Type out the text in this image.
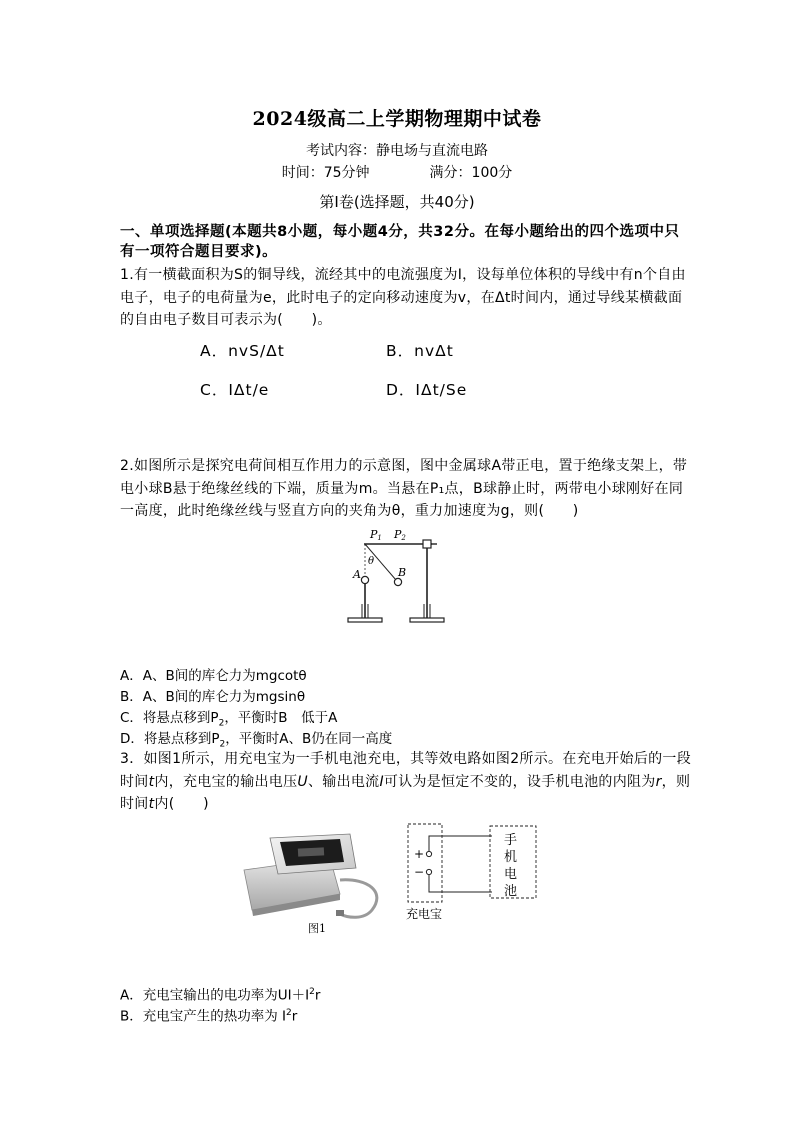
2024级高二上学期物理期中试卷
考试内容：静电场与直流电路
时间：75分钟	满分：100分
第Ⅰ卷(选择题，共40分)
一、单项选择题(本题共8小题，每小题4分，共32分。在每小题给出的四个选项中只有一项符合题目要求)。
1.有一横截面积为S的铜导线，流经其中的电流强度为I，设每单位体积的导线中有n个自由电子，电子的电荷量为e，此时电子的定向移动速度为v，在Δt时间内，通过导线某横截面的自由电子数目可表示为(　　)。
A．nvS/Δt	B．nvΔt
C．IΔt/e	D．IΔt/Se
2.如图所示是探究电荷间相互作用力的示意图，图中金属球A带正电，置于绝缘支架上，带电小球B悬于绝缘丝线的下端，质量为m。当悬在P₁点，B球静止时，两带电小球刚好在同一高度，此时绝缘丝线与竖直方向的夹角为θ，重力加速度为g，则(　　)
P1 P2
θ
A	B
A．A、B间的库仑力为mgcotθ
B．A、B间的库仑力为mgsinθ
C．将悬点移到$P_2$，平衡时B　低于A
D．将悬点移到$P_2$，平衡时A、B仍在同一高度
3．如图1所示，用充电宝为一手机电池充电，其等效电路如图2所示。在充电开始后的一段时间t内，充电宝的输出电压U、输出电流I可认为是恒定不变的，设手机电池的内阻为r，则时间t内(　　)
图1
+
−
手
机
电
池
充电宝
A．充电宝输出的电功率为$UI+I^2r$
B．充电宝产生的热功率为 $I^2r$
